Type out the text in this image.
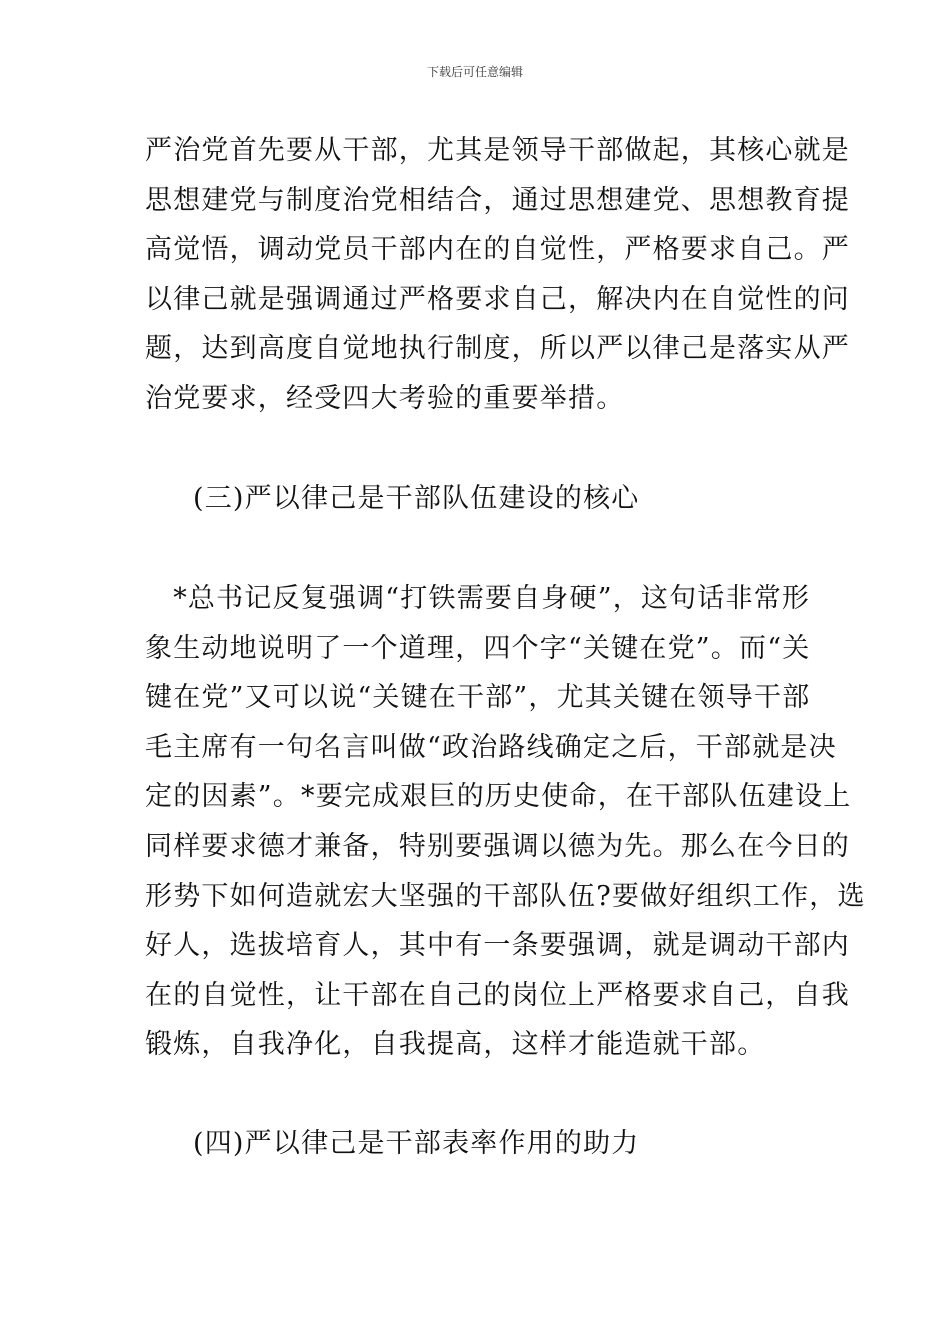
下载后可任意编辑
严治党首先要从干部，尤其是领导干部做起，其核心就是
思想建党与制度治党相结合，通过思想建党、思想教育提
高觉悟，调动党员干部内在的自觉性，严格要求自己。严
以律己就是强调通过严格要求自己，解决内在自觉性的问
题，达到高度自觉地执行制度，所以严以律己是落实从严
治党要求，经受四大考验的重要举措。
(三)严以律己是干部队伍建设的核心
　*总书记反复强调“打铁需要自身硬”，这句话非常形
象生动地说明了一个道理，四个字“关键在党”。而“关
键在党”又可以说“关键在干部”，尤其关键在领导干部
毛主席有一句名言叫做“政治路线确定之后，干部就是决
定的因素”。*要完成艰巨的历史使命，在干部队伍建设上
同样要求德才兼备，特别要强调以德为先。那么在今日的
形势下如何造就宏大坚强的干部队伍?要做好组织工作，选
好人，选拔培育人，其中有一条要强调，就是调动干部内
在的自觉性，让干部在自己的岗位上严格要求自己，自我
锻炼，自我净化，自我提高，这样才能造就干部。
(四)严以律己是干部表率作用的助力
